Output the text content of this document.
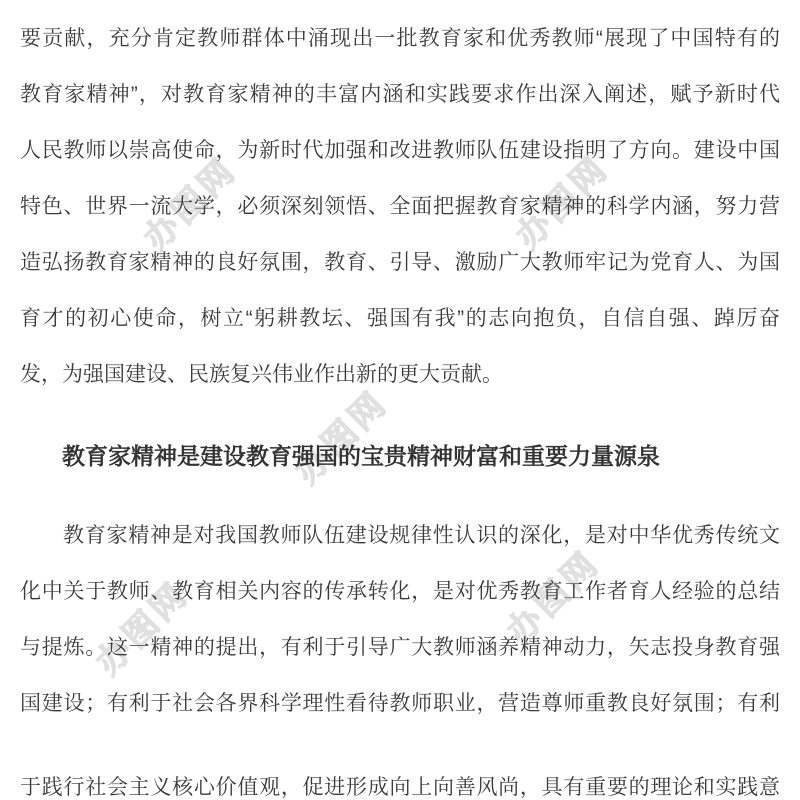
办图网	办图网
办图网
办图网	办图网
要贡献，充分肯定教师群体中涌现出一批教育家和优秀教师“展现了中国特有的
教育家精神”，对教育家精神的丰富内涵和实践要求作出深入阐述，赋予新时代
人民教师以崇高使命，为新时代加强和改进教师队伍建设指明了方向。建设中国
特色、世界一流大学，必须深刻领悟、全面把握教育家精神的科学内涵，努力营
造弘扬教育家精神的良好氛围，教育、引导、激励广大教师牢记为党育人、为国
育才的初心使命，树立“躬耕教坛、强国有我”的志向抱负，自信自强、踔厉奋
发，为强国建设、民族复兴伟业作出新的更大贡献。
教育家精神是建设教育强国的宝贵精神财富和重要力量源泉
教育家精神是对我国教师队伍建设规律性认识的深化，是对中华优秀传统文
化中关于教师、教育相关内容的传承转化，是对优秀教育工作者育人经验的总结
与提炼。这一精神的提出，有利于引导广大教师涵养精神动力，矢志投身教育强
国建设；有利于社会各界科学理性看待教师职业，营造尊师重教良好氛围；有利
于践行社会主义核心价值观，促进形成向上向善风尚，具有重要的理论和实践意
